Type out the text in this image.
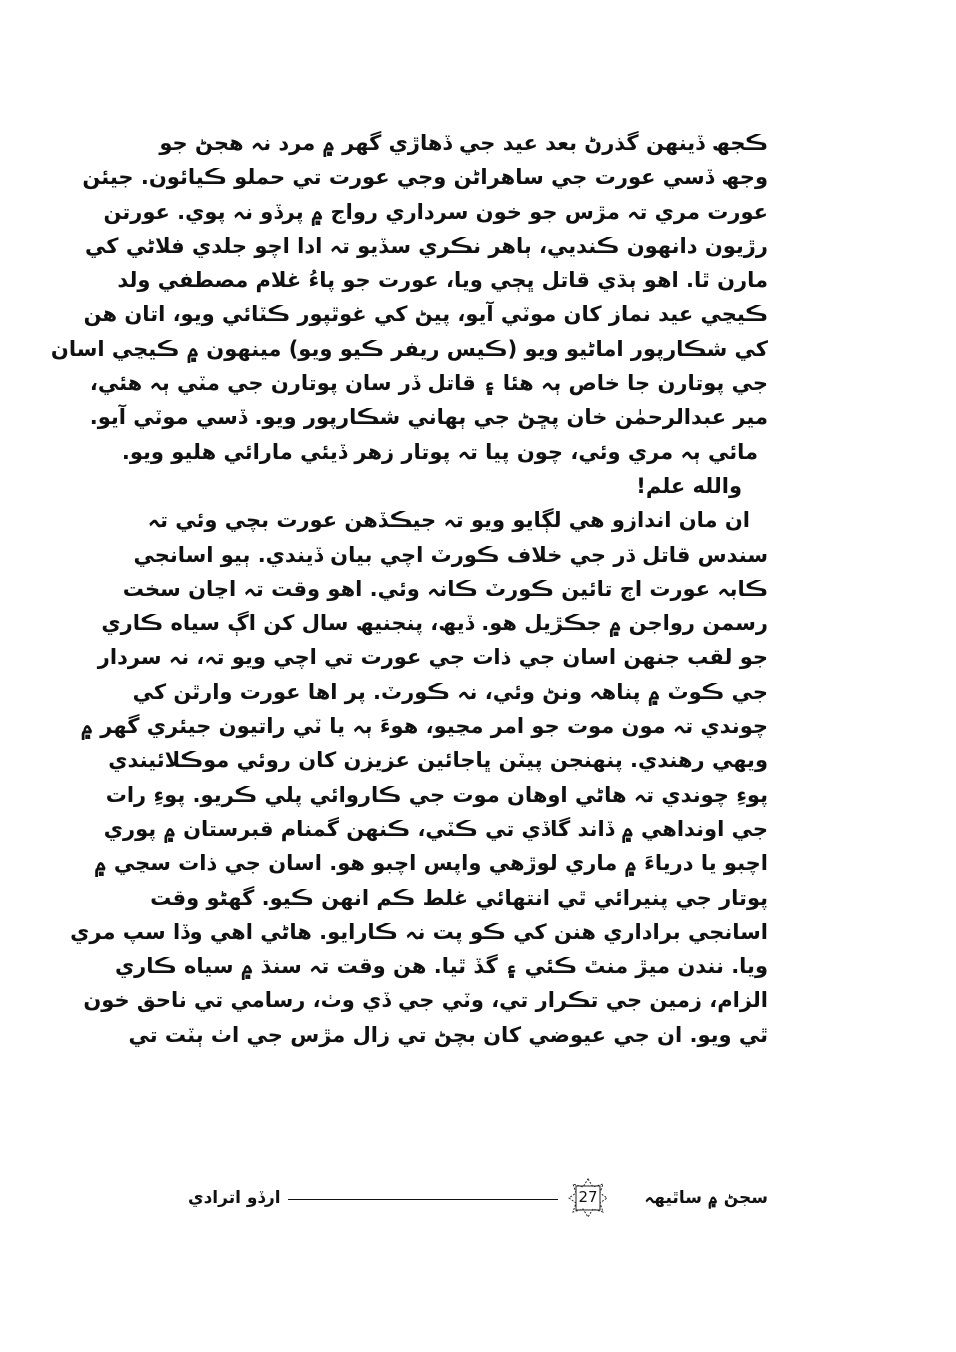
ڪجھ ڏينهن گذرڻ بعد عيد جي ڏهاڙي گھر ۾ مرد نہ هجڻ جو
وجھ ڏسي عورت جي ساهراڻن وجي عورت تي حملو ڪيائون. جيئن
عورت مري تہ مڙس جو خون سرداري رواج ۾ پرڏو نہ پوي. عورتن
رڙيون دانهون ڪنديي، ٻاهر نڪري سڏيو تہ ادا اچو جلدي فلاڻي کي
مارن ٿا. اهو ٻڌي قاتل ڀڄي ويا، عورت جو پاءُ غلام مصطفي ولد
ڪيڃي عيد نماز کان موٽي آيو، پيڻ کي غوٿپور ڪٽائي ويو، اتان هن
کي شڪارپور اماڻيو ويو (ڪيس ريفر ڪيو ويو) مينهون ۾ ڪيڃي اسان
جي پوتارن جا خاص ٻہ هئا ۽ قاتل ڏر سان پوتارن جي مٽي ٻہ هئي،
مير عبدالرحمٰن خان پڇڻ جي ٻهاني شڪارپور ويو. ڏسي موٽي آيو.
مائي ٻہ مري وئي، چون پيا تہ پوتار زهر ڏيئي مارائي هليو ويو.
والله علم!
ان مان اندازو هي لڳايو ويو تہ جيڪڏهن عورت بچي وئي تہ
سندس قاتل ڌر جي خلاف ڪورٽ اچي بيان ڏيندي. ٻيو اسانجي
ڪابہ عورت اڄ تائين ڪورٽ ڪانہ وئي. اهو وقت تہ اڃان سخت
رسمن رواجن ۾ جڪڙيل هو. ڏيھ، پنجنيھ سال کن اڳ سياه ڪاري
جو لقب جنهن اسان جي ذات جي عورت تي اچي ويو تہ، نہ سردار
جي ڪوٽ ۾ پناهہ ونڻ وئي، نہ ڪورٽ. پر اها عورت وارٿن کي
چوندي تہ مون موت جو امر مڃيو، هوءَ ٻہ يا ٽي راتيون جيئري گھر ۾
ويهي رهندي. پنهنجن پيٽن ڀاجائين عزيزن کان روئي موڪلائيندي
پوءِ چوندي تہ هاڻي اوهان موت جي ڪاروائي پلي ڪريو. پوءِ رات
جي اونداهي ۾ ڏاند گاڏي تي ڪٽي، ڪنهن گمنام قبرستان ۾ پوري
اچبو يا درياءَ ۾ ماري لوڙهي واپس اچبو هو. اسان جي ذات سڃي ۾
پوتار جي پنيرائي ٿي انتهائي غلط ڪم انهن ڪيو. گهڻو وقت
اسانجي براداري هنن کي ڪو پت نہ ڪارايو. هاڻي اهي وڏا سپ مري
ويا. نندن ميڙ منٿ ڪئي ۽ گڏ ٿيا. هن وقت تہ سنڌ ۾ سياه ڪاري
الزام، زمين جي تڪرار تي، وٽي جي ڏي وٺ، رسامي تي ناحق خون
ٿي ويو. ان جي عيوضي کان بچڻ تي زال مڙس جي اٺ ٻٽت تي
سجڻ ۾ ساٿيھہ
27
ارڏو اترادي
